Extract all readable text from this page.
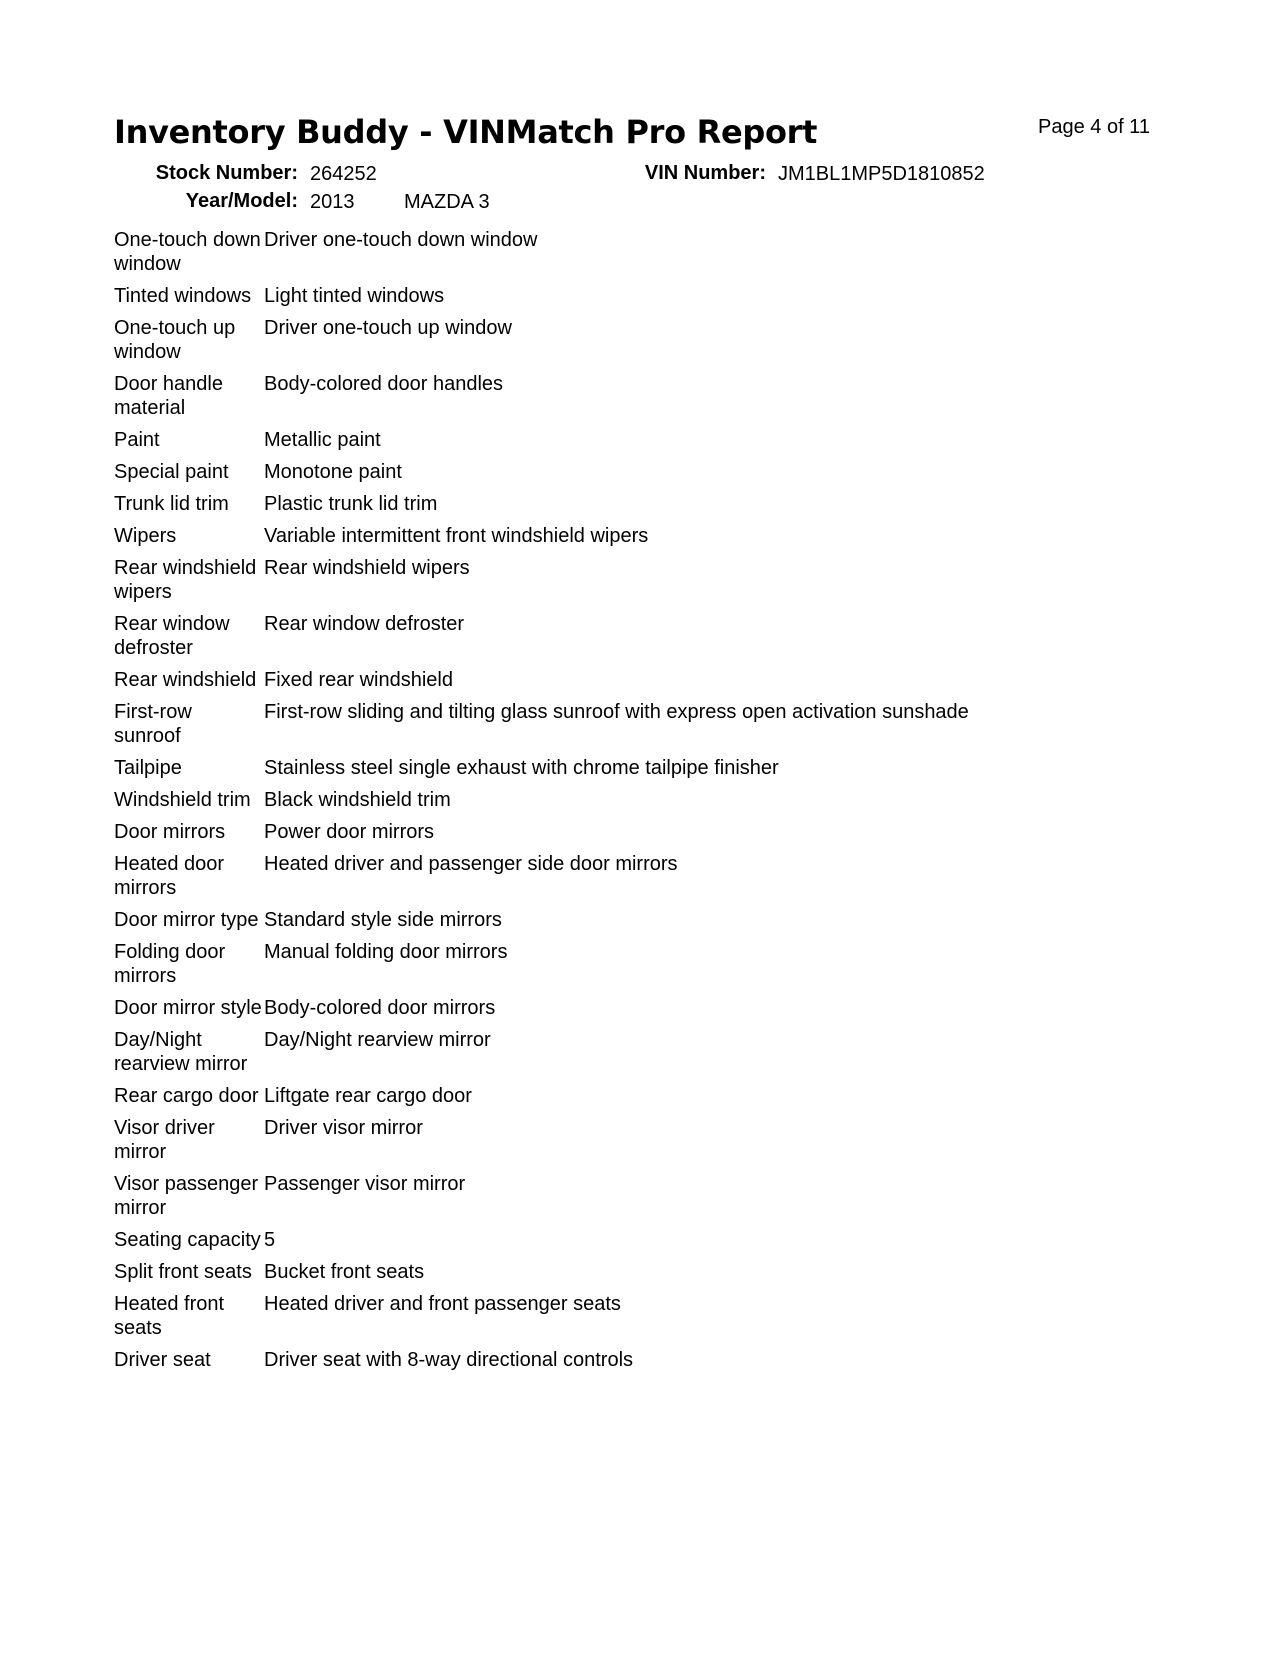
Inventory Buddy - VINMatch Pro Report	Page 4 of 11
Stock Number: 264252	VIN Number: JM1BL1MP5D1810852
Year/Model: 2013 MAZDA 3
One-touch down window	Driver one-touch down window
Tinted windows	Light tinted windows
One-touch up window	Driver one-touch up window
Door handle material	Body-colored door handles
Paint	Metallic paint
Special paint	Monotone paint
Trunk lid trim	Plastic trunk lid trim
Wipers	Variable intermittent front windshield wipers
Rear windshield wipers	Rear windshield wipers
Rear window defroster	Rear window defroster
Rear windshield	Fixed rear windshield
First-row sunroof	First-row sliding and tilting glass sunroof with express open activation sunshade
Tailpipe	Stainless steel single exhaust with chrome tailpipe finisher
Windshield trim	Black windshield trim
Door mirrors	Power door mirrors
Heated door mirrors	Heated driver and passenger side door mirrors
Door mirror type	Standard style side mirrors
Folding door mirrors	Manual folding door mirrors
Door mirror style	Body-colored door mirrors
Day/Night rearview mirror	Day/Night rearview mirror
Rear cargo door	Liftgate rear cargo door
Visor driver mirror	Driver visor mirror
Visor passenger mirror	Passenger visor mirror
Seating capacity	5
Split front seats	Bucket front seats
Heated front seats	Heated driver and front passenger seats
Driver seat	Driver seat with 8-way directional controls
